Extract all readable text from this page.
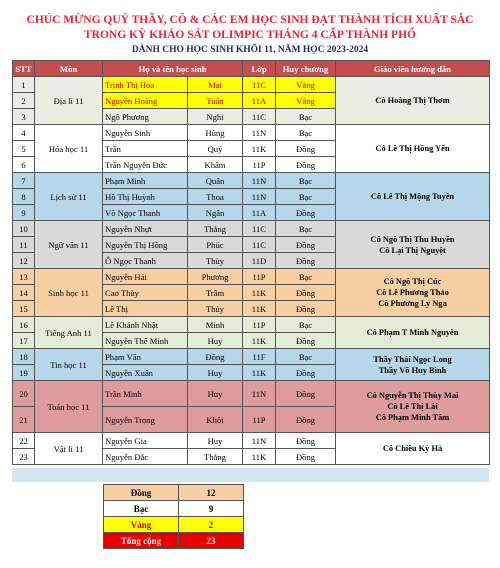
CHÚC MỪNG QUÝ THẦY, CÔ & CÁC EM HỌC SINH ĐẠT THÀNH TÍCH XUẤT SẮC
TRONG KỲ KHẢO SÁT OLIMPIC THÁNG 4 CẤP THÀNH PHỐ
DÀNH CHO HỌC SINH KHỐI 11, NĂM HỌC 2023-2024
STT	Môn	Họ và tên học sinh		Lớp	Huy chương	Giáo viên hướng dẫn
1	Địa lí 11	Trịnh Thị Hoa	Mai	11C	Vàng	Cô Hoàng Thị Thơm

2		Nguyễn Hoàng	Tuấn	11A	Vàng	
3		Ngô Phương	Nghi	11C	Bạc	
4	Hóa học 11	Nguyễn Sinh	Hùng	11N	Bạc	Cô Lê Thị Hồng Yến

5		Trần	Quý	11K	Đồng	
6		Trần Nguyễn Đức	Khâm	11P	Đồng	
7	Lịch sử 11	Phạm Minh	Quân	11N	Bạc	Cô Lê Thị Mộng Tuyền

8		Hồ Thị Huỳnh	Thoa	11N	Bạc	
9		Võ Ngọc Thanh	Ngân	11A	Đồng	
10	Ngữ văn 11	Nguyễn Nhựt	Thắng	11C	Bạc	Cô Ngô Thị Thu Huyền
Cô Lại Thị Nguyệt

11		Nguyễn Thị Hồng	Phúc	11C	Đồng	
12		Ô Ngọc Thanh	Thùy	11D	Đồng	
13	Sinh học 11	Nguyễn Hải	Phương	11P	Bạc	Cô Ngô Thị Cúc
Cô Lê Phương Thảo
Cô Phương Ly Nga

14		Cao Thùy	Trâm	11K	Đồng	
15		Lê Thị	Thủy	11K	Đồng	
16	Tiếng Anh 11	Lê Khánh Nhật	Minh	11P	Bạc	Cô Phạm T Minh Nguyên

17		Nguyễn Thế Minh	Huy	11K	Đồng	
18	Tin học 11	Phạm Văn	Đồng	11F	Bạc	Thầy Thái Ngọc Long
Thầy Võ Huy Bình

19		Nguyễn Xuân	Huy	11K	Đồng	
20	Toán học 11	Trần Minh	Huy	11N	Đồng	Cô Nguyễn Thị Thùy Mai
Cô Lê Thị Lài
Cô Phạm Minh Tâm

21		Nguyễn Trọng	Khôi	11P	Đồng	
22	Vật lí 11	Nguyễn Gia	Huy	11N	Đồng	Cô Chiêu Kỳ Hà

23		Nguyễn Đắc	Thắng	11K	Đồng	
Đồng	12
Bạc	9
Vàng	2
Tổng cộng	23
